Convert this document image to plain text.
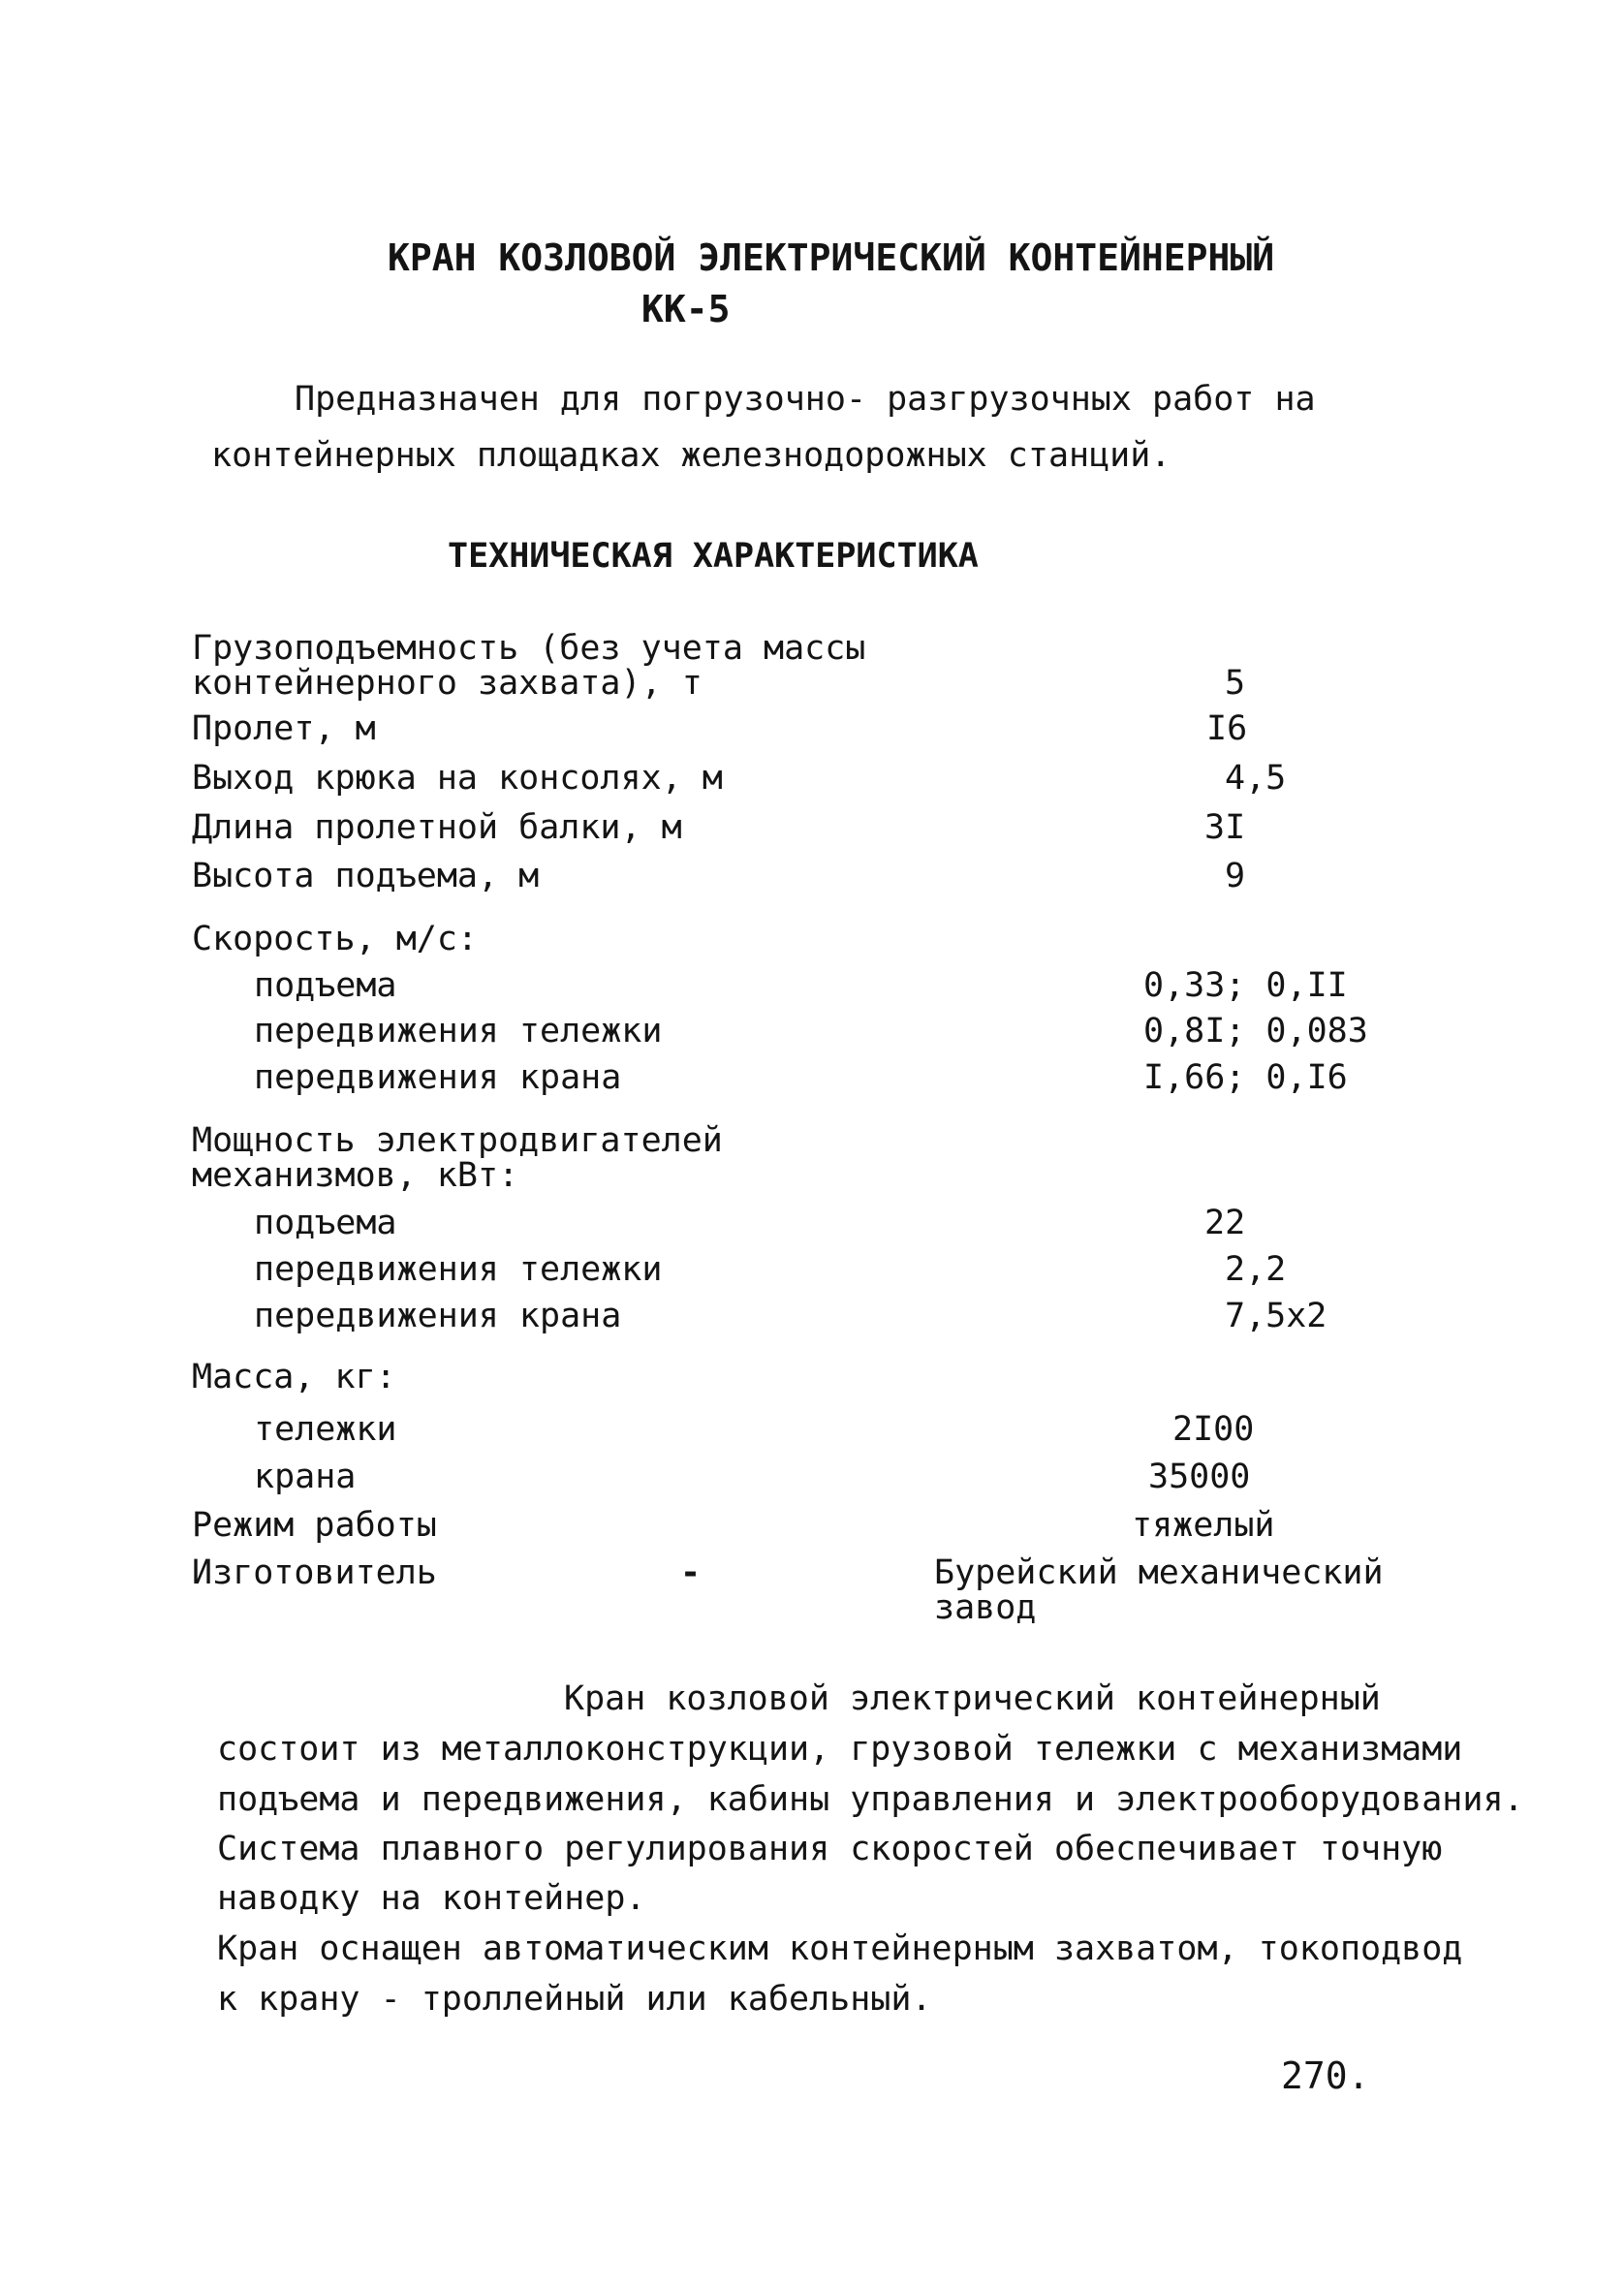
КРАН КОЗЛОВОЙ ЭЛЕКТРИЧЕСКИЙ КОНТЕЙНЕРНЫЙ
КК-5
Предназначен для погрузочно- разгрузочных работ на
контейнерных площадках железнодорожных станций.
ТЕХНИЧЕСКАЯ ХАРАКТЕРИСТИКА
Грузоподъемность (без учета массы
контейнерного захвата), т	5
Пролет, м	I6
Выход крюка на консолях, м	4,5
Длина пролетной балки, м	3I
Высота подъема, м	9
Скорость, м/с:
подъема	0,33; 0,II
передвижения тележки	0,8I; 0,083
передвижения крана	I,66; 0,I6
Мощность электродвигателей
механизмов, кВт:
подъема	22
передвижения тележки	2,2
передвижения крана	7,5x2
Масса, кг:
тележки	2I00
крана	35000
Режим работы	тяжелый
Изготовитель	-	Бурейский механический
завод
Кран козловой электрический контейнерный
состоит из металлоконструкции, грузовой тележки с механизмами
подъема и передвижения, кабины управления и электрооборудования.
Система плавного регулирования скоростей обеспечивает точную
наводку на контейнер.
Кран оснащен автоматическим контейнерным захватом, токоподвод
к крану - троллейный или кабельный.
270.
